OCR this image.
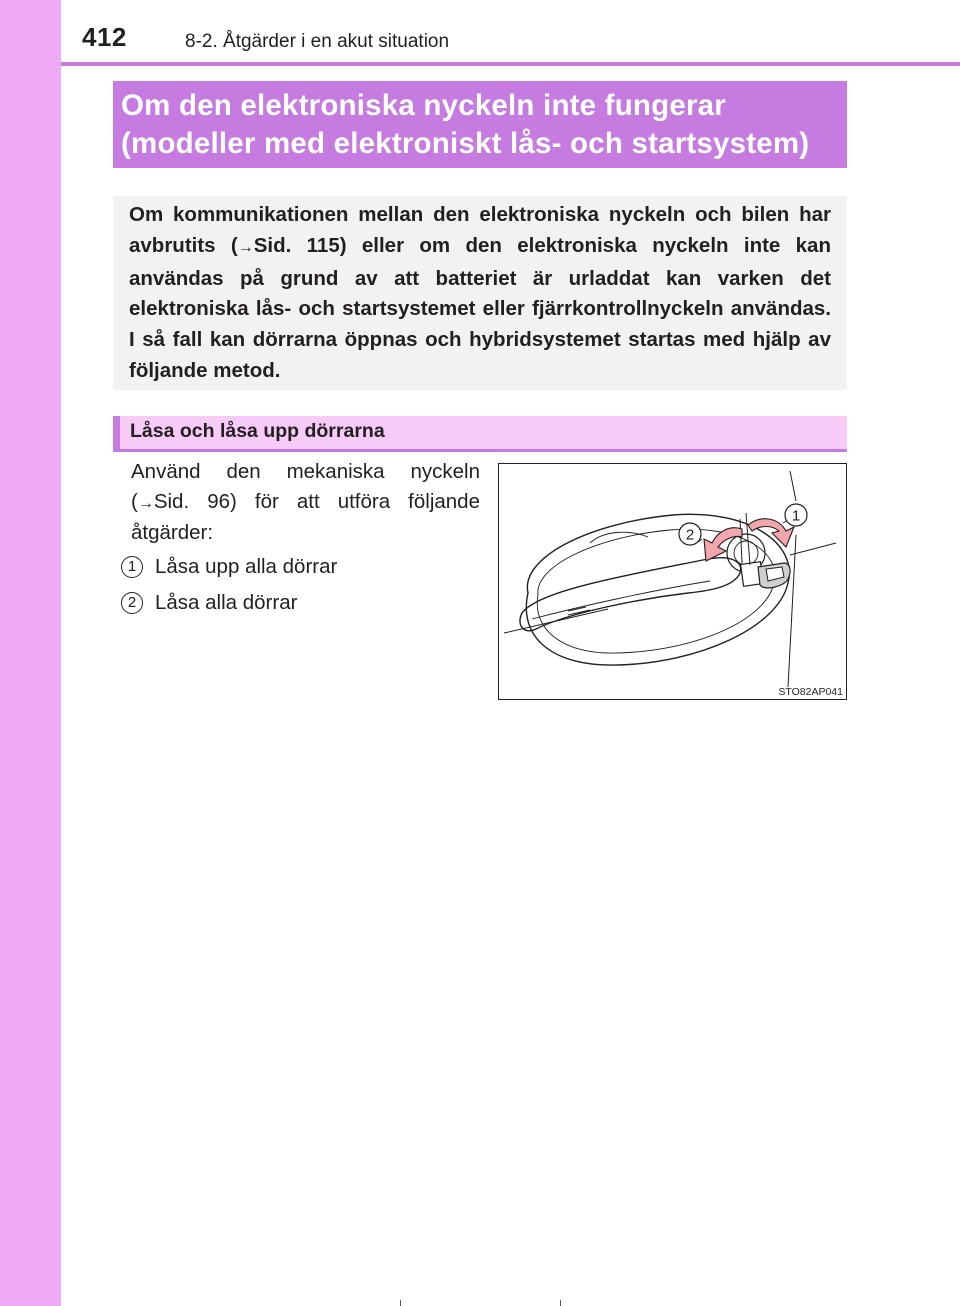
412	8-2. Åtgärder i en akut situation
Om den elektroniska nyckeln inte fungerar
(modeller med elektroniskt lås- och startsystem)

Om kommunikationen mellan den elektroniska nyckeln och bilen har avbrutits (→Sid. 115) eller om den elektroniska nyckeln inte kan användas på grund av att batteriet är urladdat kan varken det elektroniska lås- och startsystemet eller fjärrkontrollnyckeln användas. I så fall kan dörrarna öppnas och hybridsystemet startas med hjälp av följande metod.

Låsa och låsa upp dörrarna

Använd den mekaniska nyckeln (→Sid. 96) för att utföra följande åtgärder:

1 Låsa upp alla dörrar
2 Låsa alla dörrar
1
2
STO82AP041
